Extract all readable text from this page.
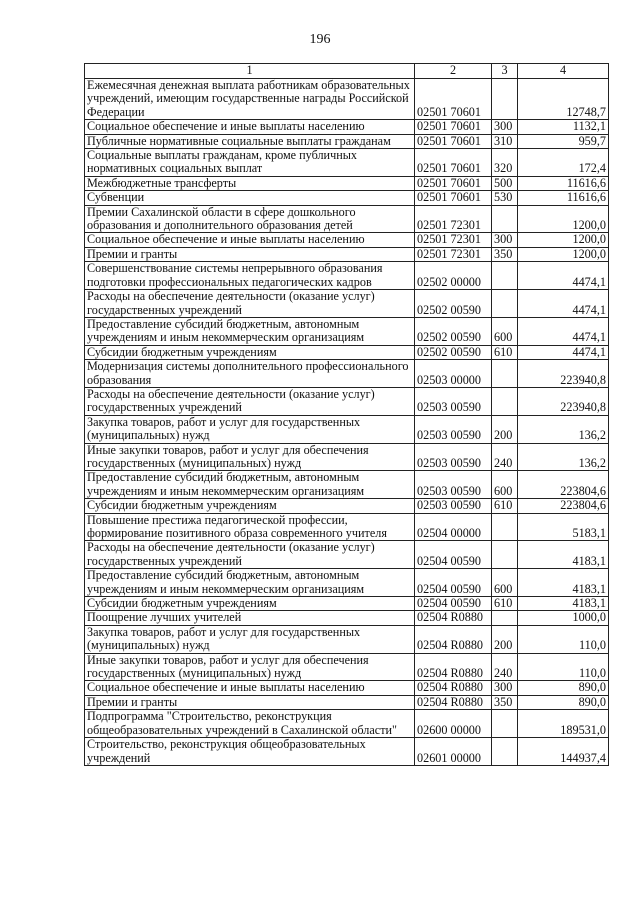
196
1	2	3	4
Ежемесячная денежная выплата работникам образовательных учреждений, имеющим государственные награды Российской Федерации	02501 70601		12748,7
Социальное обеспечение и иные выплаты населению	02501 70601	300	1132,1
Публичные нормативные социальные выплаты гражданам	02501 70601	310	959,7
Социальные выплаты гражданам, кроме публичных нормативных социальных выплат	02501 70601	320	172,4
Межбюджетные трансферты	02501 70601	500	11616,6
Субвенции	02501 70601	530	11616,6
Премии Сахалинской области в сфере дошкольного образования и дополнительного образования детей	02501 72301		1200,0
Социальное обеспечение и иные выплаты населению	02501 72301	300	1200,0
Премии и гранты	02501 72301	350	1200,0
Совершенствование системы непрерывного образования подготовки профессиональных педагогических кадров	02502 00000		4474,1
Расходы на обеспечение деятельности (оказание услуг) государственных учреждений	02502 00590		4474,1
Предоставление субсидий бюджетным, автономным учреждениям и иным некоммерческим организациям	02502 00590	600	4474,1
Субсидии бюджетным учреждениям	02502 00590	610	4474,1
Модернизация системы дополнительного профессионального образования	02503 00000		223940,8
Расходы на обеспечение деятельности (оказание услуг) государственных учреждений	02503 00590		223940,8
Закупка товаров, работ и услуг для государственных (муниципальных) нужд	02503 00590	200	136,2
Иные закупки товаров, работ и услуг для обеспечения государственных (муниципальных) нужд	02503 00590	240	136,2
Предоставление субсидий бюджетным, автономным учреждениям и иным некоммерческим организациям	02503 00590	600	223804,6
Субсидии бюджетным учреждениям	02503 00590	610	223804,6
Повышение престижа педагогической профессии, формирование позитивного образа современного учителя	02504 00000		5183,1
Расходы на обеспечение деятельности (оказание услуг) государственных учреждений	02504 00590		4183,1
Предоставление субсидий бюджетным, автономным учреждениям и иным некоммерческим организациям	02504 00590	600	4183,1
Субсидии бюджетным учреждениям	02504 00590	610	4183,1
Поощрение лучших учителей	02504 R0880		1000,0
Закупка товаров, работ и услуг для государственных (муниципальных) нужд	02504 R0880	200	110,0
Иные закупки товаров, работ и услуг для обеспечения государственных (муниципальных) нужд	02504 R0880	240	110,0
Социальное обеспечение и иные выплаты населению	02504 R0880	300	890,0
Премии и гранты	02504 R0880	350	890,0
Подпрограмма "Строительство, реконструкция общеобразовательных учреждений в Сахалинской области"	02600 00000		189531,0
Строительство, реконструкция общеобразовательных учреждений	02601 00000		144937,4
